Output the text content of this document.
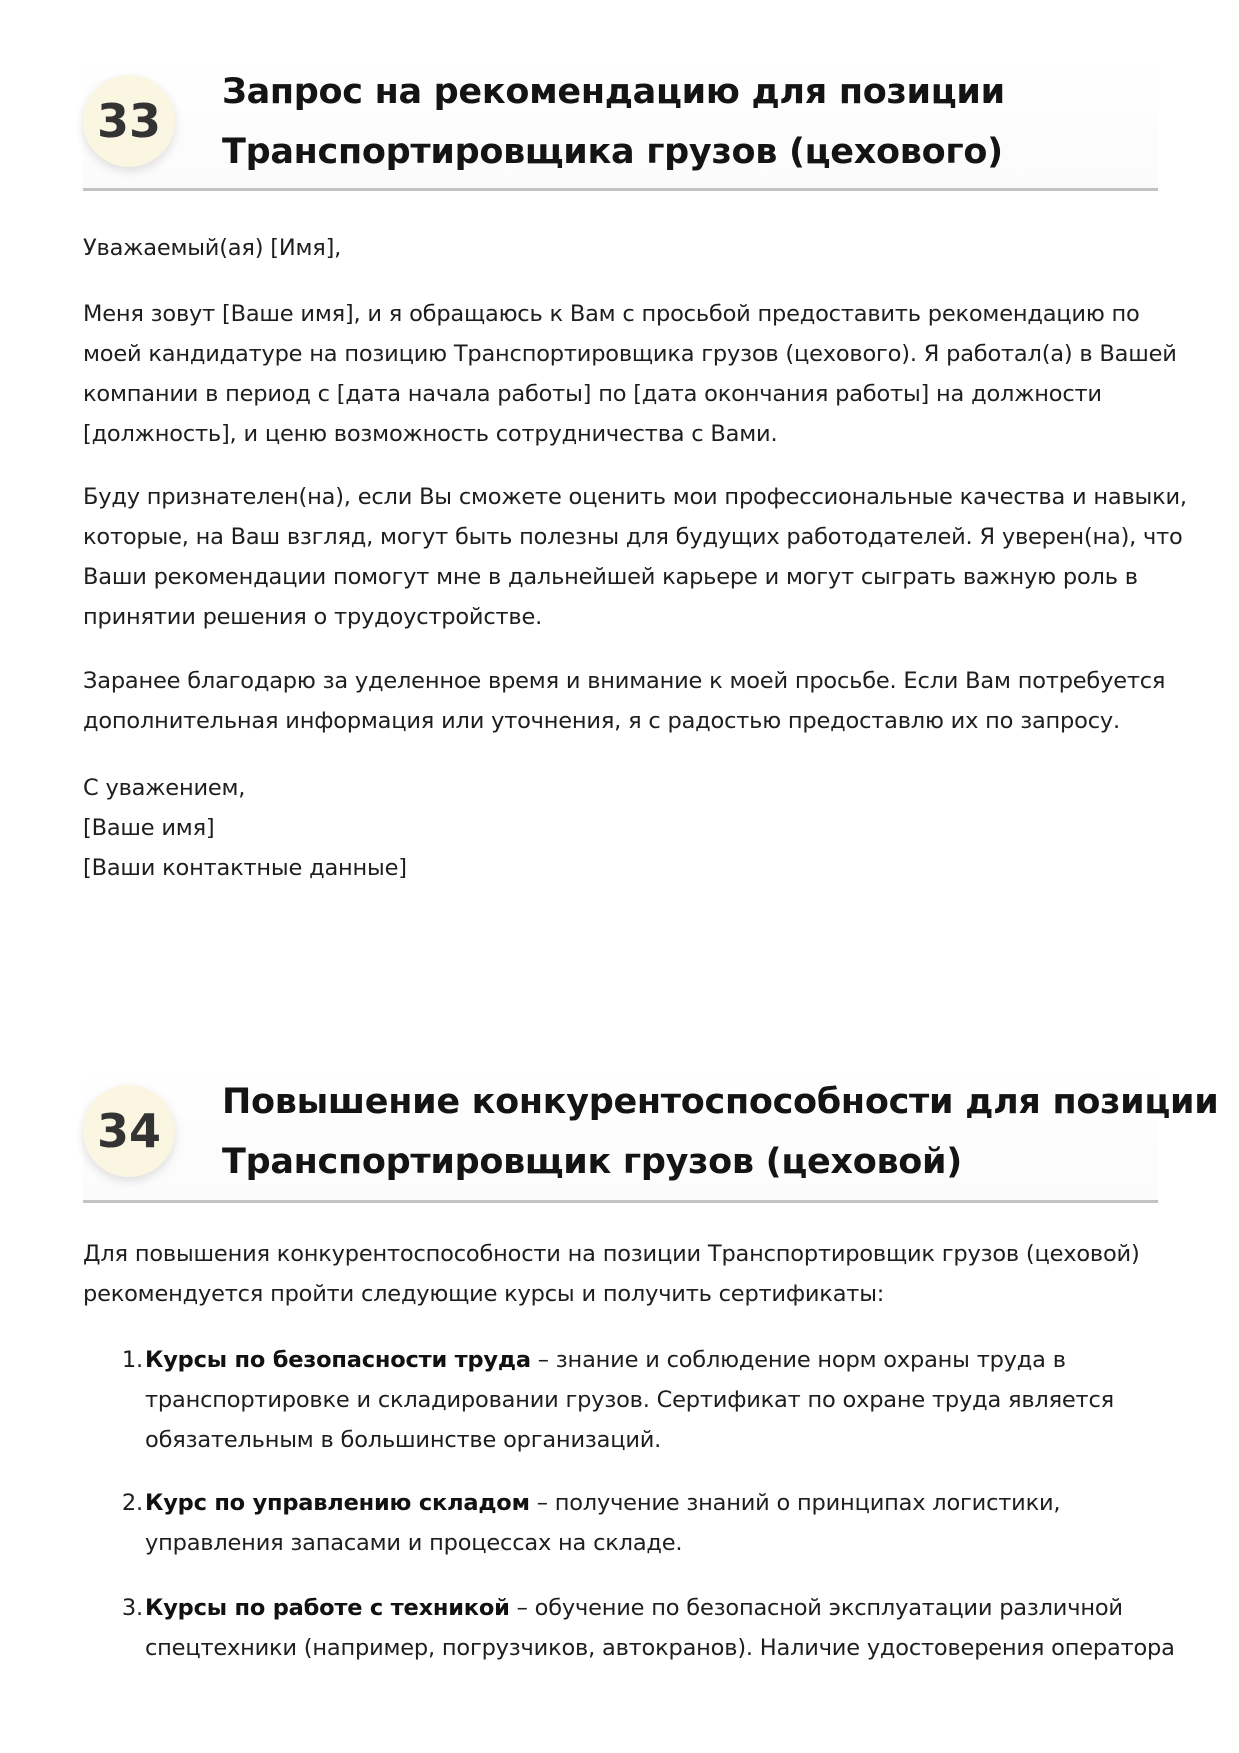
33
Запрос на рекомендацию для позиции
Транспортировщика грузов (цехового)
Уважаемый(ая) [Имя],
Меня зовут [Ваше имя], и я обращаюсь к Вам с просьбой предоставить рекомендацию по
моей кандидатуре на позицию Транспортировщика грузов (цехового). Я работал(а) в Вашей
компании в период с [дата начала работы] по [дата окончания работы] на должности
[должность], и ценю возможность сотрудничества с Вами.
Буду признателен(на), если Вы сможете оценить мои профессиональные качества и навыки,
которые, на Ваш взгляд, могут быть полезны для будущих работодателей. Я уверен(на), что
Ваши рекомендации помогут мне в дальнейшей карьере и могут сыграть важную роль в
принятии решения о трудоустройстве.
Заранее благодарю за уделенное время и внимание к моей просьбе. Если Вам потребуется
дополнительная информация или уточнения, я с радостью предоставлю их по запросу.
С уважением,
[Ваше имя]
[Ваши контактные данные]
34
Повышение конкурентоспособности для позиции
Транспортировщик грузов (цеховой)
Для повышения конкурентоспособности на позиции Транспортировщик грузов (цеховой)
рекомендуется пройти следующие курсы и получить сертификаты:
1. Курсы по безопасности труда – знание и соблюдение норм охраны труда в
транспортировке и складировании грузов. Сертификат по охране труда является
обязательным в большинстве организаций.
2. Курс по управлению складом – получение знаний о принципах логистики,
управления запасами и процессах на складе.
3. Курсы по работе с техникой – обучение по безопасной эксплуатации различной
спецтехники (например, погрузчиков, автокранов). Наличие удостоверения оператора
